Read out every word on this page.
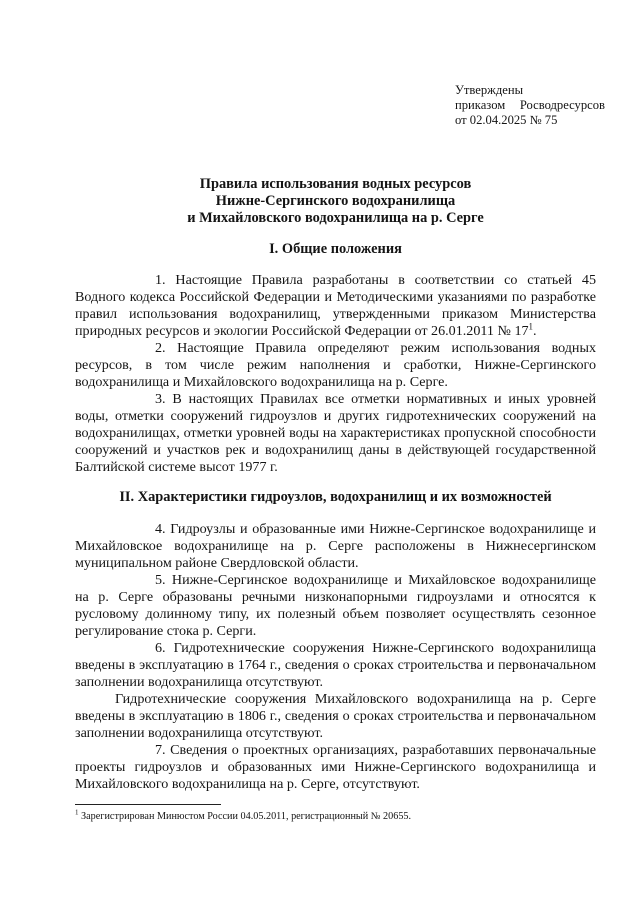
Утверждены
приказом Росводресурсов
от 02.04.2025 № 75
Правила использования водных ресурсов
Нижне-Сергинского водохранилища
и Михайловского водохранилища на р. Серге
I. Общие положения

1. Настоящие Правила разработаны в соответствии со статьей 45 Водного кодекса Российской Федерации и Методическими указаниями по разработке правил использования водохранилищ, утвержденными приказом Министерства природных ресурсов и экологии Российской Федерации от 26.01.2011 № $17^1$.

2. Настоящие Правила определяют режим использования водных ресурсов, в том числе режим наполнения и сработки, Нижне-Сергинского водохранилища и Михайловского водохранилища на р. Серге.

3. В настоящих Правилах все отметки нормативных и иных уровней воды, отметки сооружений гидроузлов и других гидротехнических сооружений на водохранилищах, отметки уровней воды на характеристиках пропускной способности сооружений и участков рек и водохранилищ даны в действующей государственной Балтийской системе высот 1977 г.

II. Характеристики гидроузлов, водохранилищ и их возможностей

4. Гидроузлы и образованные ими Нижне-Сергинское водохранилище и Михайловское водохранилище на р. Серге расположены в Нижнесергинском муниципальном районе Свердловской области.

5. Нижне-Сергинское водохранилище и Михайловское водохранилище на р. Серге образованы речными низконапорными гидроузлами и относятся к русловому долинному типу, их полезный объем позволяет осуществлять сезонное регулирование стока р. Серги.

6. Гидротехнические сооружения Нижне-Сергинского водохранилища введены в эксплуатацию в 1764 г., сведения о сроках строительства и первоначальном заполнении водохранилища отсутствуют.

Гидротехнические сооружения Михайловского водохранилища на р. Серге введены в эксплуатацию в 1806 г., сведения о сроках строительства и первоначальном заполнении водохранилища отсутствуют.

7. Сведения о проектных организациях, разработавших первоначальные проекты гидроузлов и образованных ими Нижне-Сергинского водохранилища и Михайловского водохранилища на р. Серге, отсутствуют.

$^1$ Зарегистрирован Минюстом России 04.05.2011, регистрационный № 20655.
